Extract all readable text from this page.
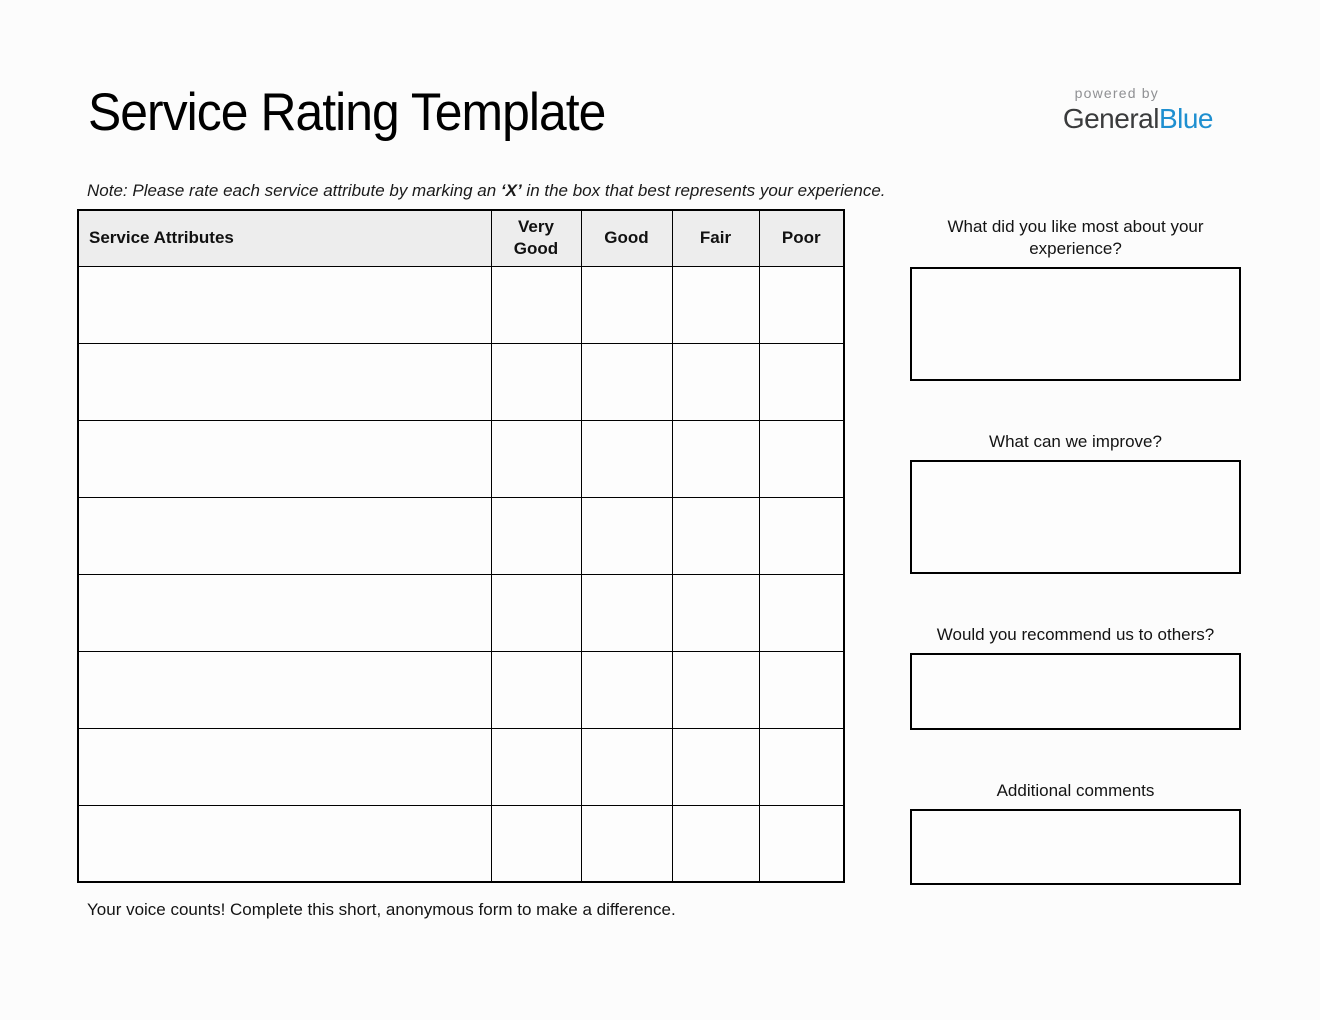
Service Rating Template	powered by
GeneralBlue
Note: Please rate each service attribute by marking an ‘X’ in the box that best represents your experience.
Service Attributes	Very Good	Good	Fair	Poor

What did you like most about your experience?
What can we improve?
Would you recommend us to others?
Additional comments
Your voice counts! Complete this short, anonymous form to make a difference.
